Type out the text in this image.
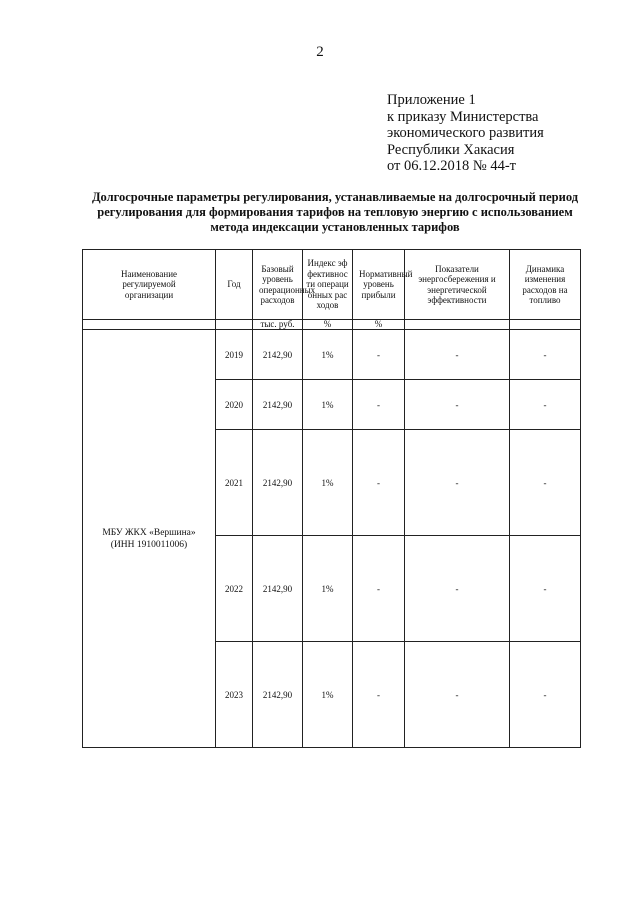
2
Приложение 1
к приказу Министерства
экономического развития
Республики Хакасия
от 06.12.2018 № 44-т
Долгосрочные параметры регулирования, устанавливаемые на долгосрочный период регулирования для формирования тарифов на тепловую энергию с использованием метода индексации установленных тарифов
Наименование регулируемой организации	Год	Базовый уровень операционных расходов	Индекс эффективности операционных расходов	Нормативный уровень прибыли	Показатели энергосбережения и энергетической эффективности	Динамика изменения расходов на топливо
		тыс. руб.	%	%		
МБУ ЖКХ «Вершина» (ИНН 1910011006)	2019	2142,90	1%	-	-	-
	2020	2142,90	1%	-	-	-
	2021	2142,90	1%	-	-	-
	2022	2142,90	1%	-	-	-
	2023	2142,90	1%	-	-	-
